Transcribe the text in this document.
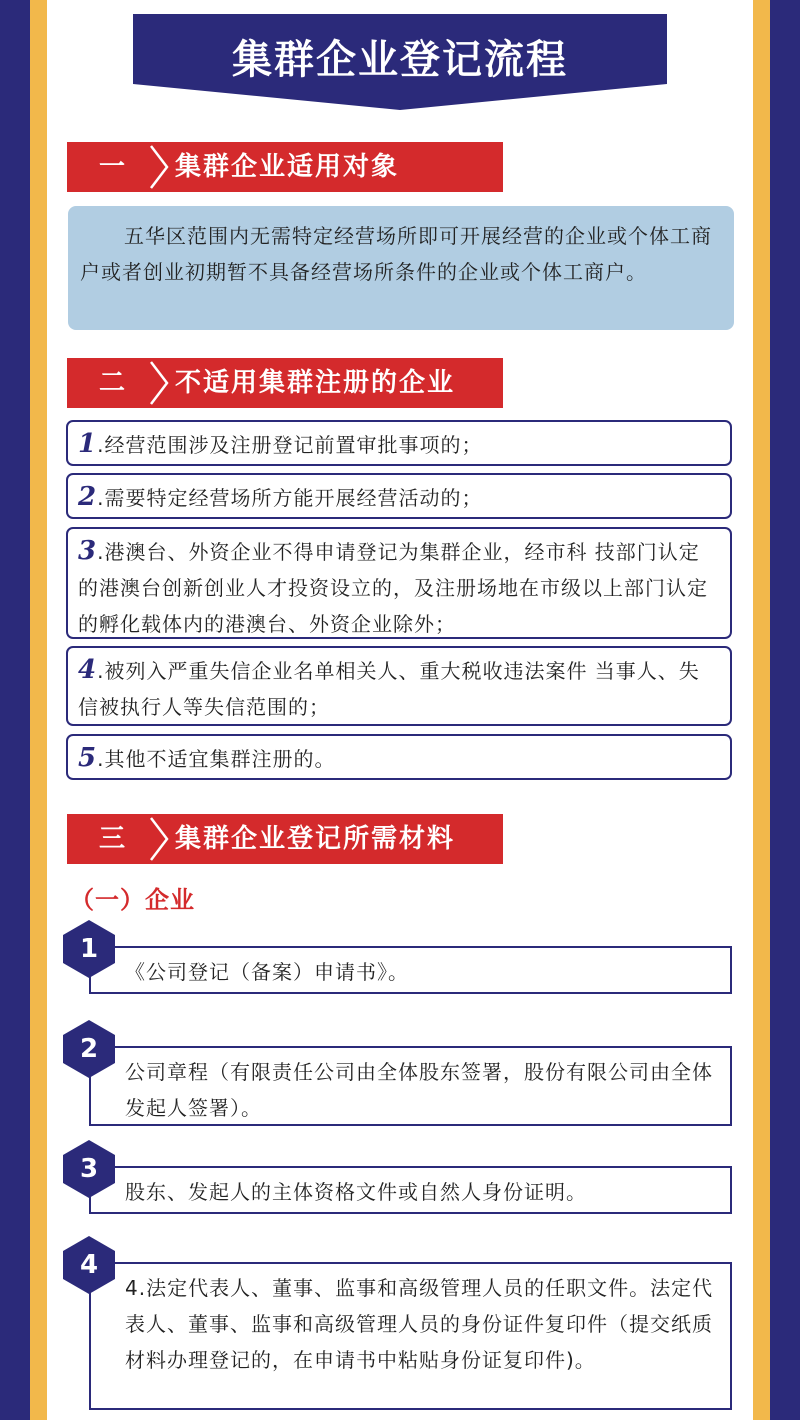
集群企业登记流程
一	集群企业适用对象
五华区范围内无需特定经营场所即可开展经营的企业或个体工商户或者创业初期暂不具备经营场所条件的企业或个体工商户。
二	不适用集群注册的企业
1.经营范围涉及注册登记前置审批事项的；
2.需要特定经营场所方能开展经营活动的；
3.港澳台、外资企业不得申请登记为集群企业，经市科 技部门认定的港澳台创新创业人才投资设立的，及注册场地在市级以上部门认定的孵化载体内的港澳台、外资企业除外；
4.被列入严重失信企业名单相关人、重大税收违法案件 当事人、失信被执行人等失信范围的；
5.其他不适宜集群注册的。
三	集群企业登记所需材料
（一）企业
《公司登记（备案）申请书》。
1
公司章程（有限责任公司由全体股东签署，股份有限公司由全体发起人签署）。
2
股东、发起人的主体资格文件或自然人身份证明。
3
4.法定代表人、董事、监事和高级管理人员的任职文件。法定代表人、董事、监事和高级管理人员的身份证件复印件（提交纸质材料办理登记的，在申请书中粘贴身份证复印件)。
4
